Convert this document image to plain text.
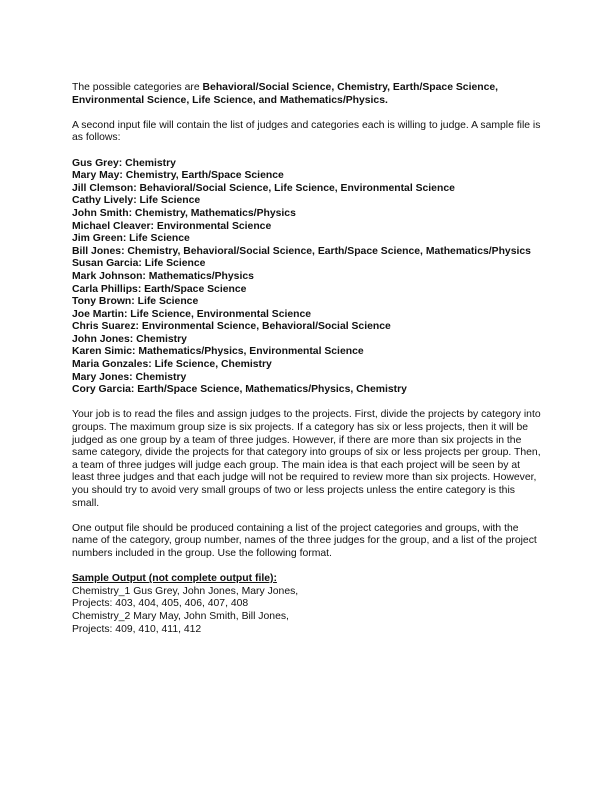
The possible categories are Behavioral/Social Science, Chemistry, Earth/Space Science, Environmental Science, Life Science, and Mathematics/Physics.

A second input file will contain the list of judges and categories each is willing to judge. A sample file is as follows:

Gus Grey: Chemistry
Mary May: Chemistry, Earth/Space Science
Jill Clemson: Behavioral/Social Science, Life Science, Environmental Science
Cathy Lively: Life Science
John Smith: Chemistry, Mathematics/Physics
Michael Cleaver: Environmental Science
Jim Green: Life Science
Bill Jones: Chemistry, Behavioral/Social Science, Earth/Space Science, Mathematics/Physics
Susan Garcia: Life Science
Mark Johnson: Mathematics/Physics
Carla Phillips: Earth/Space Science
Tony Brown: Life Science
Joe Martin: Life Science, Environmental Science
Chris Suarez: Environmental Science, Behavioral/Social Science
John Jones: Chemistry
Karen Simic: Mathematics/Physics, Environmental Science
Maria Gonzales: Life Science, Chemistry
Mary Jones: Chemistry
Cory Garcia: Earth/Space Science, Mathematics/Physics, Chemistry

Your job is to read the files and assign judges to the projects. First, divide the projects by category into groups. The maximum group size is six projects. If a category has six or less projects, then it will be judged as one group by a team of three judges. However, if there are more than six projects in the same category, divide the projects for that category into groups of six or less projects per group. Then, a team of three judges will judge each group. The main idea is that each project will be seen by at least three judges and that each judge will not be required to review more than six projects. However, you should try to avoid very small groups of two or less projects unless the entire category is this small.

One output file should be produced containing a list of the project categories and groups, with the name of the category, group number, names of the three judges for the group, and a list of the project numbers included in the group. Use the following format.

Sample Output (not complete output file):
Chemistry_1 Gus Grey, John Jones, Mary Jones,
Projects: 403, 404, 405, 406, 407, 408
Chemistry_2 Mary May, John Smith, Bill Jones,
Projects: 409, 410, 411, 412
